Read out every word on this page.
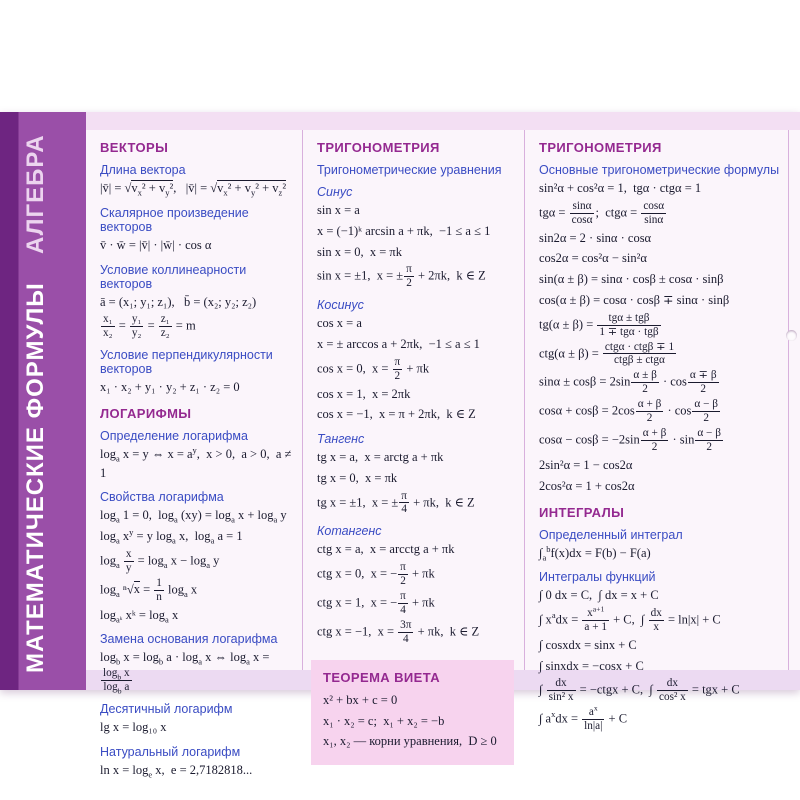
АЛГЕБРА
МАТЕМАТИЧЕСКИЕ ФОРМУЛЫ
ВЕКТОРЫ
Длина вектора
|v̄| = $√v_x^2 + v_y^2$,   |v̄| = $√v_x^2 + v_y^2 + v_z^2$
Скалярное произведение векторов
v̄ · w̄ = |v̄| · |w̄| · cos α
Условие коллинеарности векторов
ā = (x₁; y₁; z₁),   b̄ = (x₂; y₂; z₂)
$\frac{\text{x₁}}{\text{x₂}} = \frac{\text{y₁}}{\text{y₂}} = \frac{\text{z₁}}{\text{z₂}} = m$
Условие перпендикулярности векторов
x₁ · x₂ + y₁ · y₂ + z₁ · z₂ = 0
ЛОГАРИФМЫ
Определение логарифма
$\log_a x = y$ ⇔ $x = a^y$,  x > 0,  a > 0,  a ≠ 1
Свойства логарифма
$\log_a 1 = 0$,  $\log_a (xy) = \log_a x + \log_a y$
$\log_a x^y = y$ $\log_a x$,  $\log_a a = 1$
$\log_a \frac{x}{y} = \log_a x - \log_a y$
$\log_a ^n√x = \frac{1}{n} \log_a x$
$\log_{aᵏ}$ xᵏ = $\log_a x$
Замена основания логарифма
$\log_b x = \log_b a \cdot \log_a x$ ⇔ $\log_a x$ =
$\frac{\log_b x}{\log_b a}$
Десятичный логарифм
lg x = log₁₀ x
Натуральный логарифм
$\ln x = \log_e x$,  e = 2,7182818...
ТРИГОНОМЕТРИЯ
Тригонометрические уравнения
Синус
sin x = a
x = (−1)ᵏ arcsin a + πk,  −1 ≤ a ≤ 1
sin x = 0,  x = πk
sin x = ±1,  x = ± $\frac{\pi}{2} + 2\pi k$,  k ∈ Z
Косинус
cos x = a
x = ± arccos a + 2πk,  −1 ≤ a ≤ 1
cos x = 0,  $x = \frac{\pi}{2} + \pi k$
cos x = 1,  x = 2πk
cos x = −1,  x = π + 2πk,  k ∈ Z
Тангенс
tg x = a,  x = arctg a + πk
tg x = 0,  x = πk
tg x = ±1,  x = ± $\frac{\pi}{4} + \pi k$,  k ∈ Z
Котангенс
ctg x = a,  x = arcctg a + πk
ctg x = 0,  x = − $\frac{\pi}{2} + \pi k$
ctg x = 1,  x = − $\frac{\pi}{4} + \pi k$
ctg x = −1,  $x = \frac{3\pi}{4} + \pi k$,  k ∈ Z
ТЕОРЕМА ВИЕТА
x² + bx + c = 0
x₁ · x₂ = c;  x₁ + x₂ = −b
x₁, x₂ — корни уравнения,  D ≥ 0
ТРИГОНОМЕТРИЯ
Основные тригонометрические формулы
sin²α + cos²α = 1,  tgα · ctgα = 1
$tg\alpha = \frac{\sin\alpha}{\cos\alpha}$ ;  $ctg\alpha = \frac{\cos\alpha}{\sin\alpha}$
sin2α = 2 · sinα · cosα
cos2α = cos²α − sin²α
sin(α ± β) = sinα · cosβ ± cosα · sinβ
cos(α ± β) = cosα · cosβ ∓ sinα · sinβ
$tg(\alpha \pm \beta) = \frac{\text{tgα ± tgβ}}{\text{1 ∓ tgα · tgβ}}$
$ctg(\alpha \pm \beta) = \frac{\text{ctgα · ctgβ ∓ 1}}{\text{ctgβ ± ctgα}}$
$\sin\alpha \pm \cos\beta = 2\sin \frac{\alpha \pm \beta}{2} \cdot \cos \frac{\alpha \mp \beta}{2}$
$\cos\alpha + \cos\beta = 2\cos \frac{\alpha + \beta}{2} \cdot \cos \frac{\alpha - \beta}{2}$
$\cos\alpha - \cos\beta = -2\sin \frac{\alpha + \beta}{2} \cdot \sin \frac{\alpha - \beta}{2}$
2sin²α = 1 − cos2α
2cos²α = 1 + cos2α
ИНТЕГРАЛЫ
Определенный интеграл
$\int_a^bf(x)dx = F(b) - F(a)$
Интегралы функций
∫ 0 dx = C,  ∫ dx = x + C
∫ $x^adx = \frac{x^{a+1}}{a + 1} + C$,  ∫ $\frac{dx}{x} = \ln|x| + C$
∫ cosxdx = sinx + C
∫ sinxdx = −cosx + C
∫ $\frac{dx}{\text{sin² x}}$ = −ctgx + C,  ∫ $\frac{dx}{\text{cos² x}}$ = tgx + C
∫ $a^xdx = \frac{a^x}{\ln|a|} + C$
